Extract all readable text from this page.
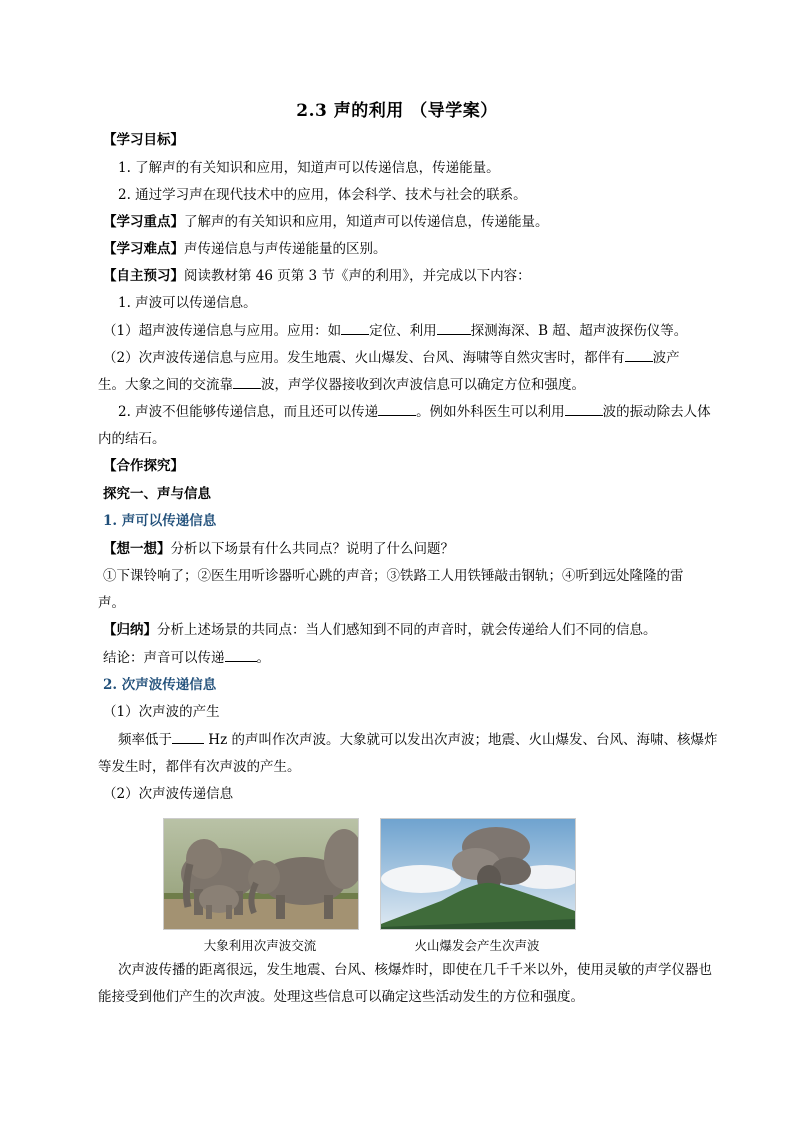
2.3 声的利用 （导学案）
【学习目标】
1. 了解声的有关知识和应用，知道声可以传递信息，传递能量。
2. 通过学习声在现代技术中的应用，体会科学、技术与社会的联系。
【学习重点】了解声的有关知识和应用，知道声可以传递信息，传递能量。
【学习难点】声传递信息与声传递能量的区别。
【自主预习】阅读教材第 46 页第 3 节《声的利用》，并完成以下内容：
1. 声波可以传递信息。
（1）超声波传递信息与应用。应用：如 定位、利用	探测海深、B 超、超声波探伤仪等。
（2）次声波传递信息与应用。发生地震、火山爆发、台风、海啸等自然灾害时，都伴有 波产
生。大象之间的交流靠 波，声学仪器接收到次声波信息可以确定方位和强度。
2. 声波不但能够传递信息，而且还可以传递	。例如外科医生可以利用	波的振动除去人体
内的结石。
【合作探究】
探究一、声与信息
1. 声可以传递信息
【想一想】分析以下场景有什么共同点？说明了什么问题？
①下课铃响了；②医生用听诊器听心跳的声音；③铁路工人用铁锤敲击钢轨；④听到远处隆隆的雷
声。
【归纳】分析上述场景的共同点：当人们感知到不同的声音时，就会传递给人们不同的信息。
结论：声音可以传递 。
2. 次声波传递信息
（1）次声波的产生
频率低于 Hz 的声叫作次声波。大象就可以发出次声波；地震、火山爆发、台风、海啸、核爆炸
等发生时，都伴有次声波的产生。
（2）次声波传递信息
大象利用次声波交流	火山爆发会产生次声波
次声波传播的距离很远，发生地震、台风、核爆炸时，即使在几千千米以外，使用灵敏的声学仪器也
能接受到他们产生的次声波。处理这些信息可以确定这些活动发生的方位和强度。
